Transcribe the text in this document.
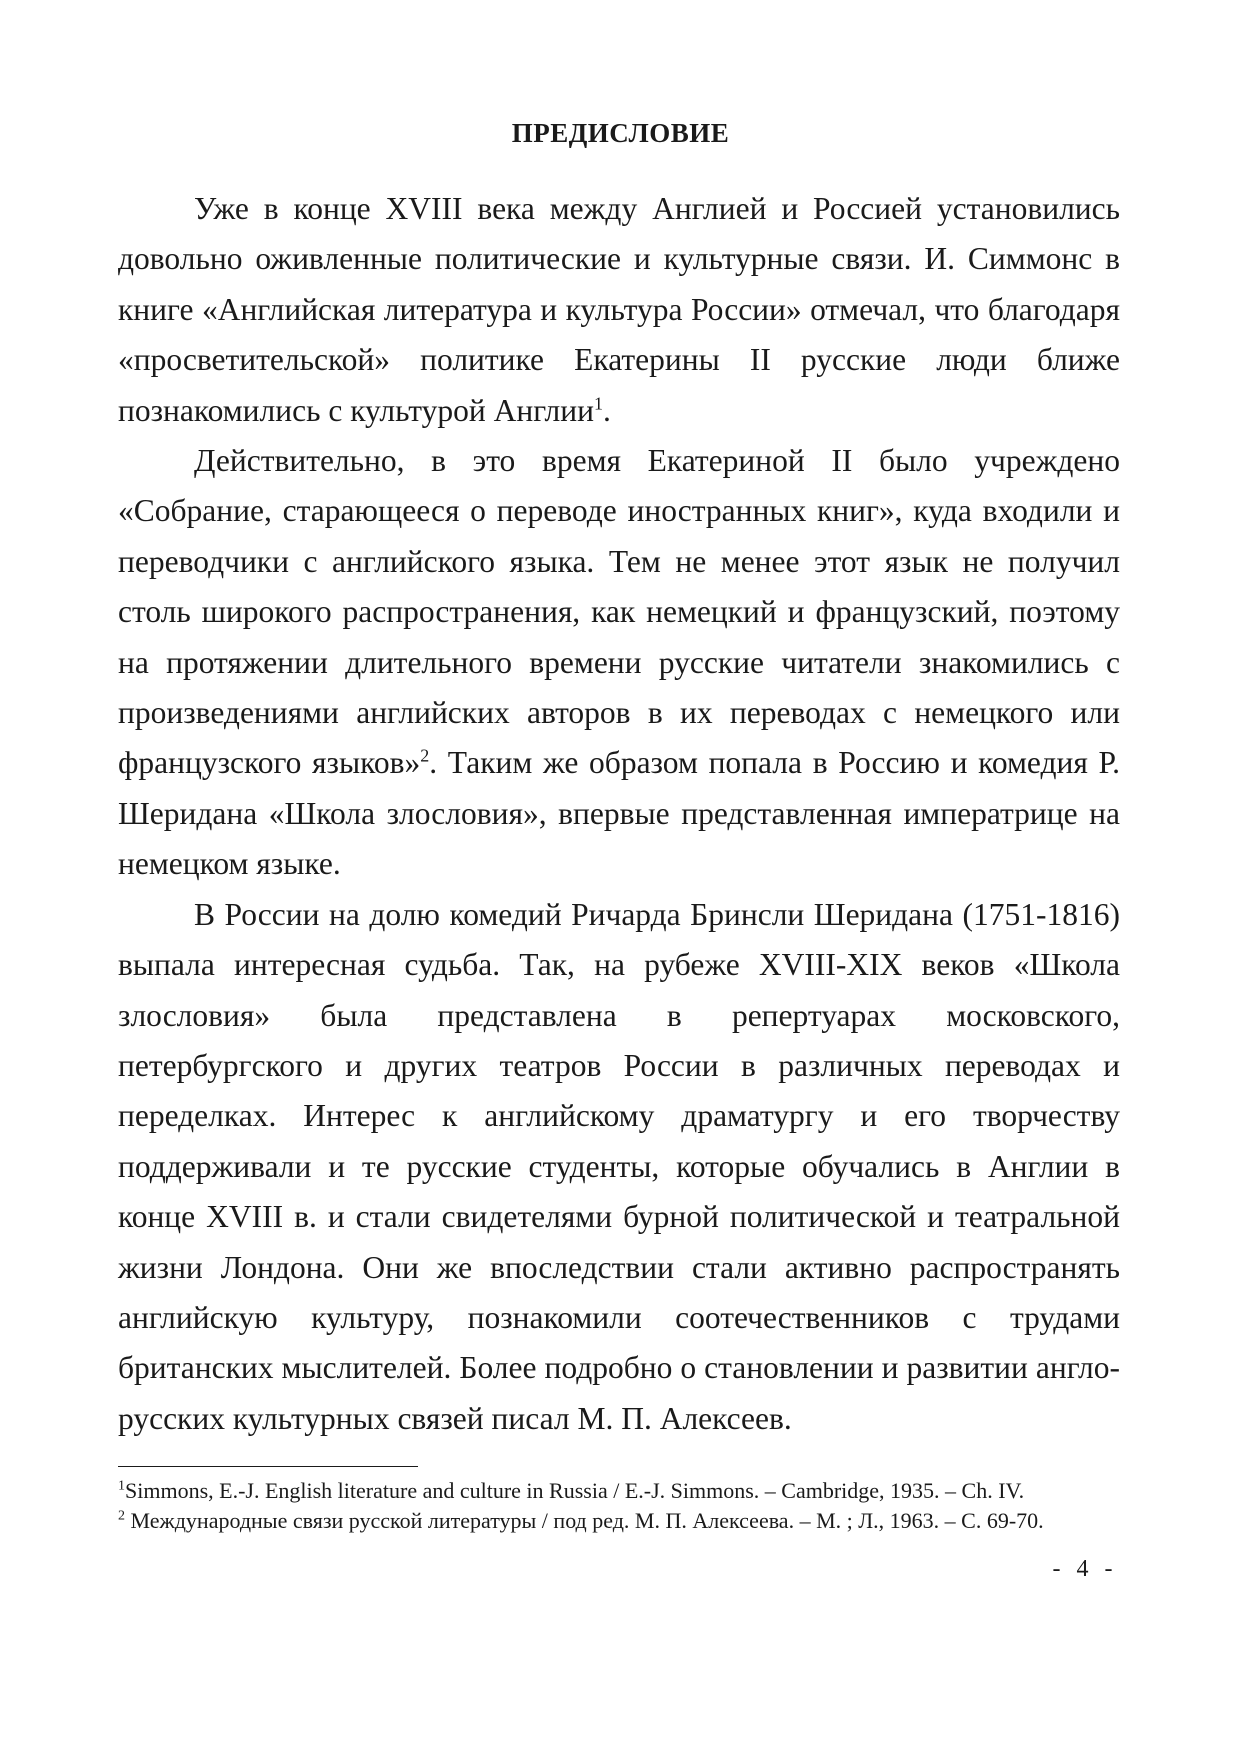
ПРЕДИСЛОВИЕ

Уже в конце XVIII века между Англией и Россией установились довольно оживленные политические и культурные связи. И. Симмонс в книге «Английская литература и культура России» отмечал, что благодаря «просветительской» политике Екатерины II русские люди ближе познакомились с культурой Англии$^1$.

Действительно, в это время Екатериной II было учреждено «Собрание, старающееся о переводе иностранных книг», куда входили и переводчики с английского языка. Тем не менее этот язык не получил столь широкого распространения, как немецкий и французский, поэтому на протяжении длительного времени русские читатели знакомились с произведениями английских авторов в их переводах с немецкого или французского языков»$^2$. Таким же образом попала в Россию и комедия Р. Шеридана «Школа злословия», впервые представленная императрице на немецком языке.

В России на долю комедий Ричарда Бринсли Шеридана (1751-1816) выпала интересная судьба. Так, на рубеже XVIII-XIX веков «Школа злословия» была представлена в репертуарах московского, петербургского и других театров России в различных переводах и переделках. Интерес к английскому драматургу и его творчеству поддерживали и те русские студенты, которые обучались в Англии в конце XVIII в. и стали свидетелями бурной политической и театральной жизни Лондона. Они же впоследствии стали активно распространять английскую культуру, познакомили соотечественников с трудами британских мыслителей. Более подробно о становлении и развитии англо-русских культурных связей писал М. П. Алексеев.

$^1$Simmons, E.-J. English literature and culture in Russia / E.-J. Simmons. – Cambridge, 1935. – Ch. IV.

$^2$ Международные связи русской литературы / под ред. М. П. Алексеева. – М. ; Л., 1963. – С. 69-70.

- 4 -
